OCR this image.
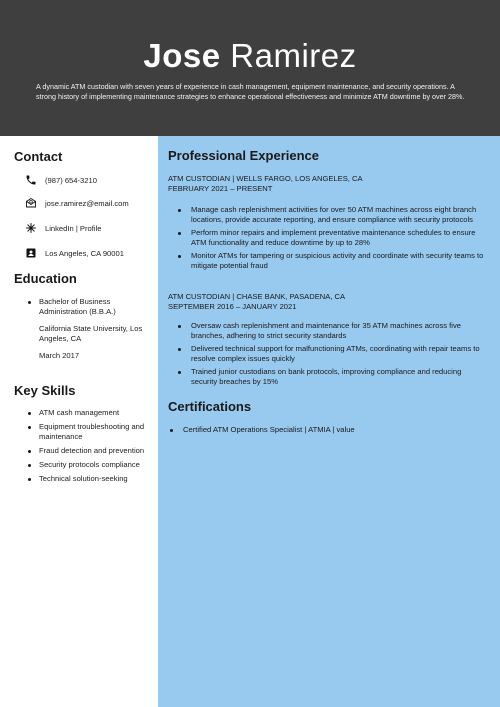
Jose Ramirez
A dynamic ATM custodian with seven years of experience in cash management, equipment maintenance, and security operations. A strong history of implementing maintenance strategies to enhance operational effectiveness and minimize ATM downtime by over 28%.
Contact
(987) 654-3210
jose.ramirez@email.com
LinkedIn | Profile
Los Angeles, CA 90001
Education
Bachelor of Business Administration (B.B.A.)
California State University, Los Angeles, CA
March 2017
Key Skills
ATM cash management
Equipment troubleshooting and maintenance
Fraud detection and prevention
Security protocols compliance
Technical solution-seeking
Professional Experience
ATM CUSTODIAN | WELLS FARGO, LOS ANGELES, CA
FEBRUARY 2021 – PRESENT
Manage cash replenishment activities for over 50 ATM machines across eight branch locations, provide accurate reporting, and ensure compliance with security protocols
Perform minor repairs and implement preventative maintenance schedules to ensure ATM functionality and reduce downtime by up to 28%
Monitor ATMs for tampering or suspicious activity and coordinate with security teams to mitigate potential fraud
ATM CUSTODIAN | CHASE BANK, PASADENA, CA
SEPTEMBER 2016 – JANUARY 2021
Oversaw cash replenishment and maintenance for 35 ATM machines across five branches, adhering to strict security standards
Delivered technical support for malfunctioning ATMs, coordinating with repair teams to resolve complex issues quickly
Trained junior custodians on bank protocols, improving compliance and reducing security breaches by 15%
Certifications
Certified ATM Operations Specialist | ATMIA | value
